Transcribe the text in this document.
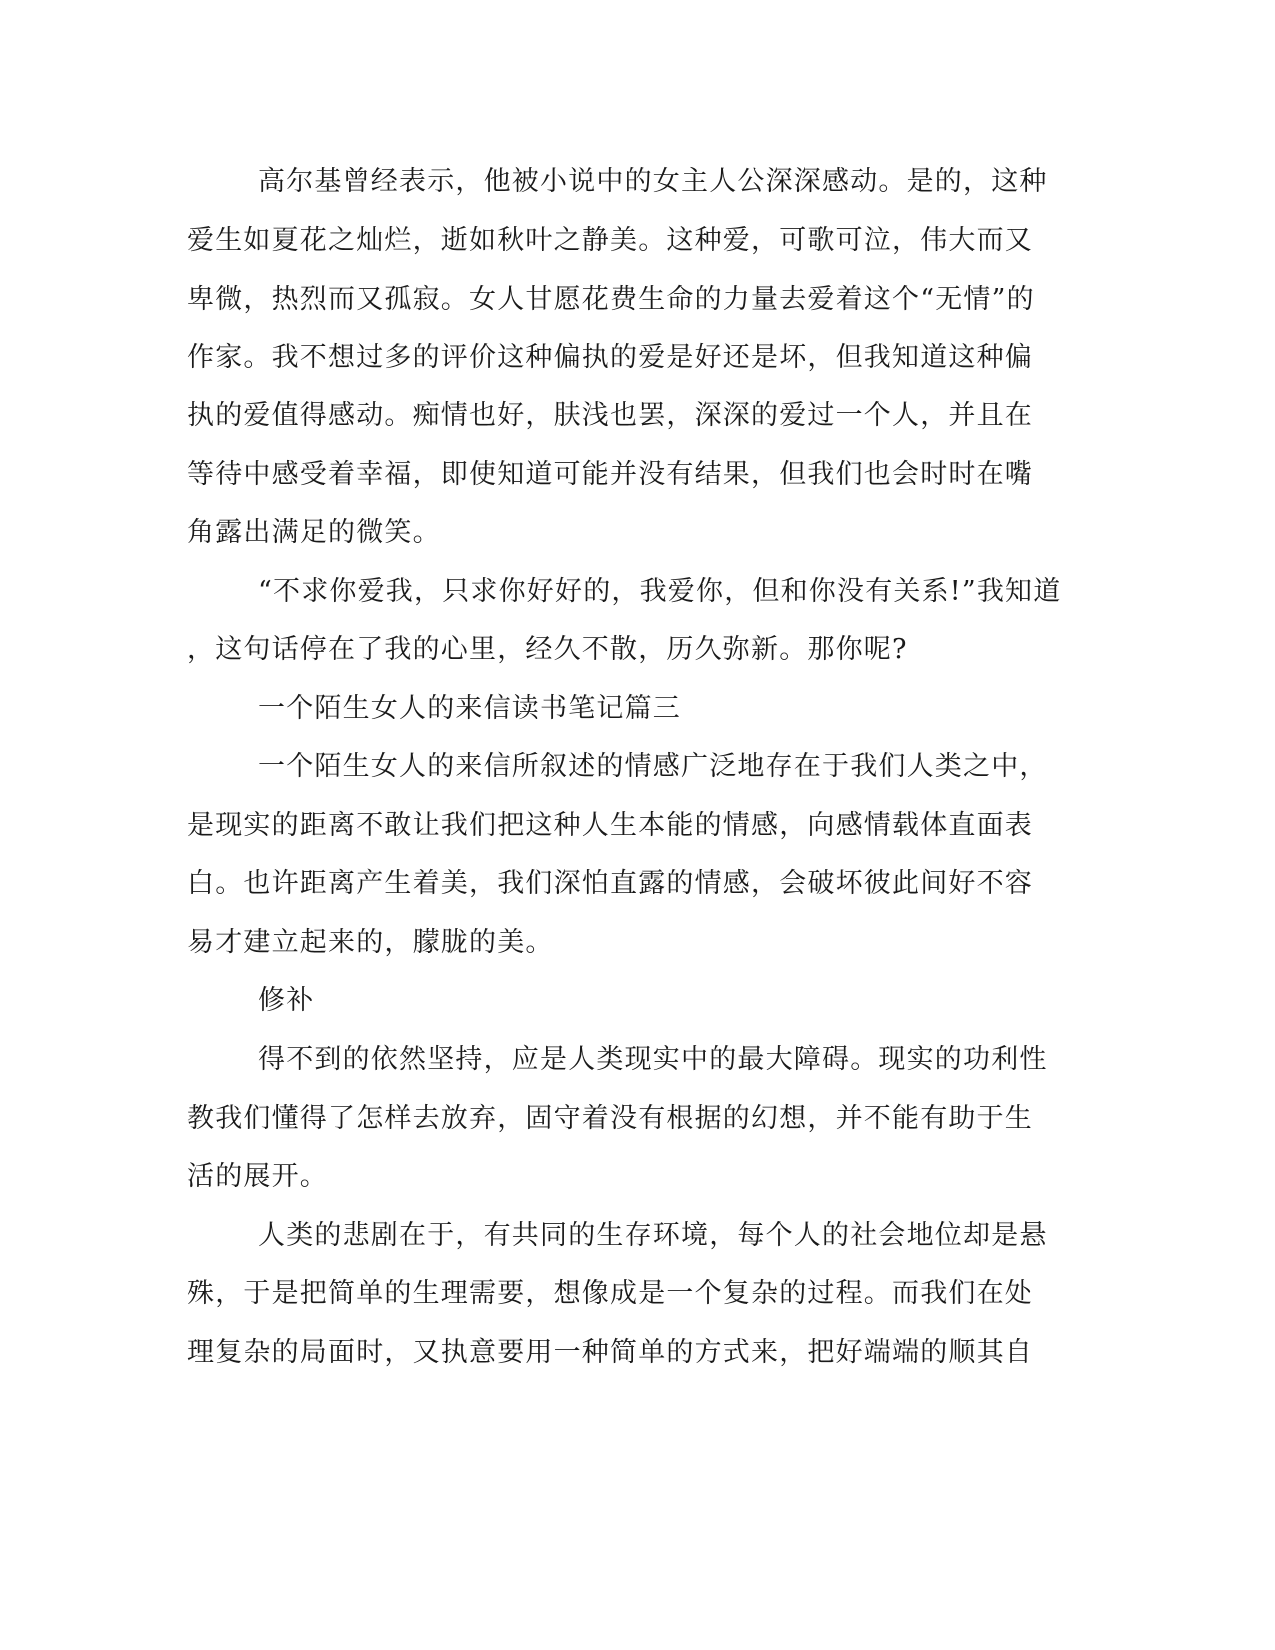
高尔基曾经表示，他被小说中的女主人公深深感动。是的，这种
爱生如夏花之灿烂，逝如秋叶之静美。这种爱，可歌可泣，伟大而又
卑微，热烈而又孤寂。女人甘愿花费生命的力量去爱着这个“无情”的
作家。我不想过多的评价这种偏执的爱是好还是坏，但我知道这种偏
执的爱值得感动。痴情也好，肤浅也罢，深深的爱过一个人，并且在
等待中感受着幸福，即使知道可能并没有结果，但我们也会时时在嘴
角露出满足的微笑。
“不求你爱我，只求你好好的，我爱你，但和你没有关系!”我知道
，这句话停在了我的心里，经久不散，历久弥新。那你呢?
一个陌生女人的来信读书笔记篇三
一个陌生女人的来信所叙述的情感广泛地存在于我们人类之中，
是现实的距离不敢让我们把这种人生本能的情感，向感情载体直面表
白。也许距离产生着美，我们深怕直露的情感，会破坏彼此间好不容
易才建立起来的，朦胧的美。
修补
得不到的依然坚持，应是人类现实中的最大障碍。现实的功利性
教我们懂得了怎样去放弃，固守着没有根据的幻想，并不能有助于生
活的展开。
人类的悲剧在于，有共同的生存环境，每个人的社会地位却是悬
殊，于是把简单的生理需要，想像成是一个复杂的过程。而我们在处
理复杂的局面时，又执意要用一种简单的方式来，把好端端的顺其自
